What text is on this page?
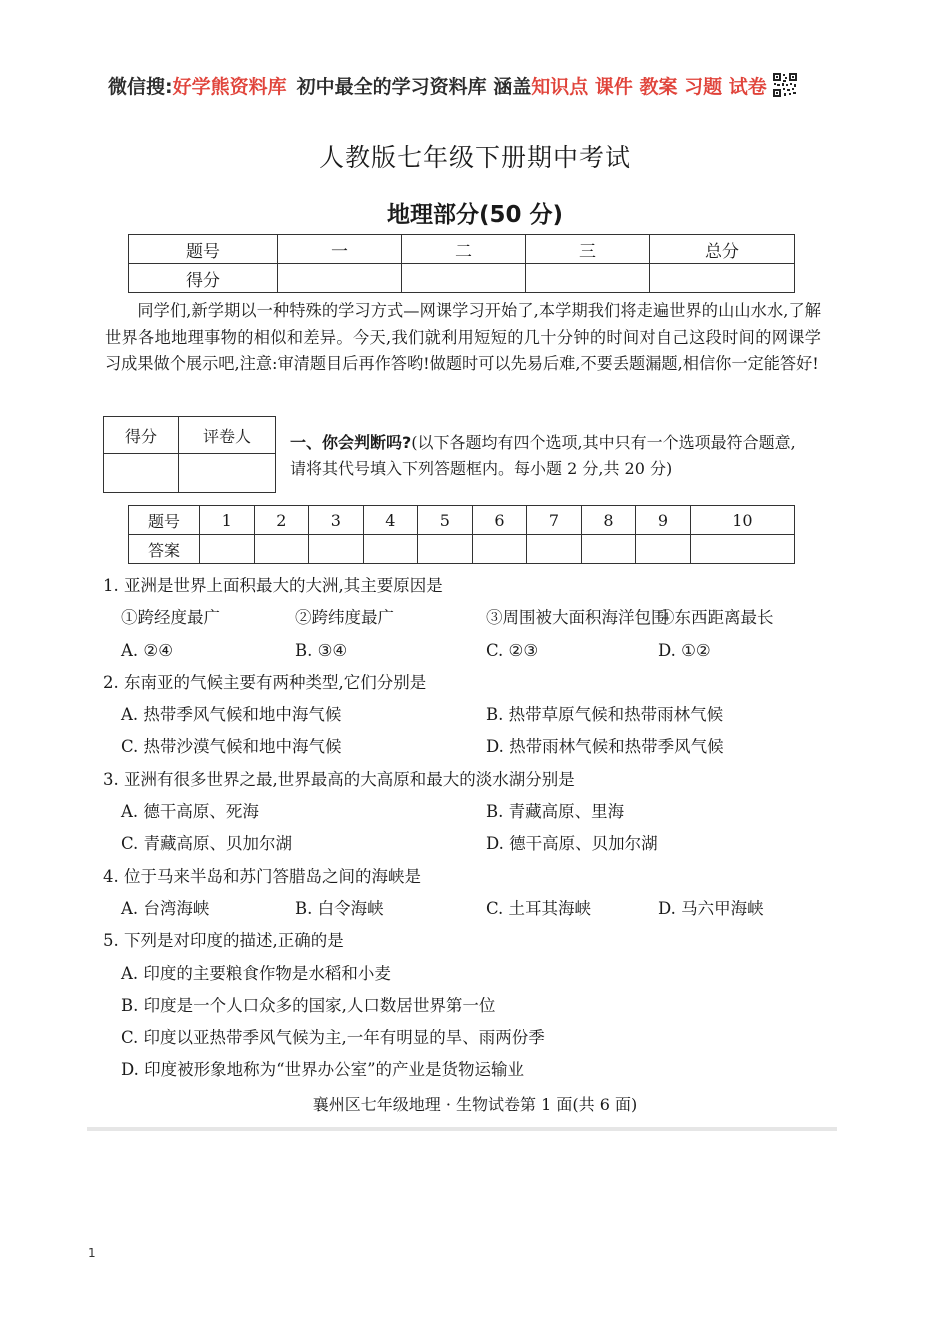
微信搜: 好学熊资料库 初中最全的学习资料库 涵盖 知识点 课件 教案 习题 试卷
人教版七年级下册期中考试
地理部分(50 分)
题号	一	二	三	总分
得分				

同学们,新学期以一种特殊的学习方式—网课学习开始了,本学期我们将走遍世界的山山水水,了解世界各地地理事物的相似和差异。今天,我们就利用短短的几十分钟的时间对自己这段时间的网课学习成果做个展示吧,注意:审清题目后再作答哟!做题时可以先易后难,不要丢题漏题,相信你一定能答好!

得分	评卷人
	一、你会判断吗?(以下各题均有四个选项,其中只有一个选项最符合题意,请将其代号填入下列答题框内。每小题 2 分,共 20 分)
题号	1	2	3	4	5	6	7	8	9	10
答案										
1. 亚洲是世界上面积最大的大洲,其主要原因是
①跨经度最广	②跨纬度最广	③周围被大面积海洋包围
④东西距离最长
A. ②④	B. ③④	C. ②③	D. ①②
2. 东南亚的气候主要有两种类型,它们分别是
A. 热带季风气候和地中海气候	B. 热带草原气候和热带雨林气候
C. 热带沙漠气候和地中海气候	D. 热带雨林气候和热带季风气候
3. 亚洲有很多世界之最,世界最高的大高原和最大的淡水湖分别是
A. 德干高原、死海	B. 青藏高原、里海
C. 青藏高原、贝加尔湖	D. 德干高原、贝加尔湖
4. 位于马来半岛和苏门答腊岛之间的海峡是
A. 台湾海峡	B. 白令海峡	C. 土耳其海峡	D. 马六甲海峡
5. 下列是对印度的描述,正确的是
A. 印度的主要粮食作物是水稻和小麦
B. 印度是一个人口众多的国家,人口数居世界第一位
C. 印度以亚热带季风气候为主,一年有明显的旱、雨两份季
D. 印度被形象地称为“世界办公室”的产业是货物运输业
襄州区七年级地理 · 生物试卷第 1 面(共 6 面)
1
